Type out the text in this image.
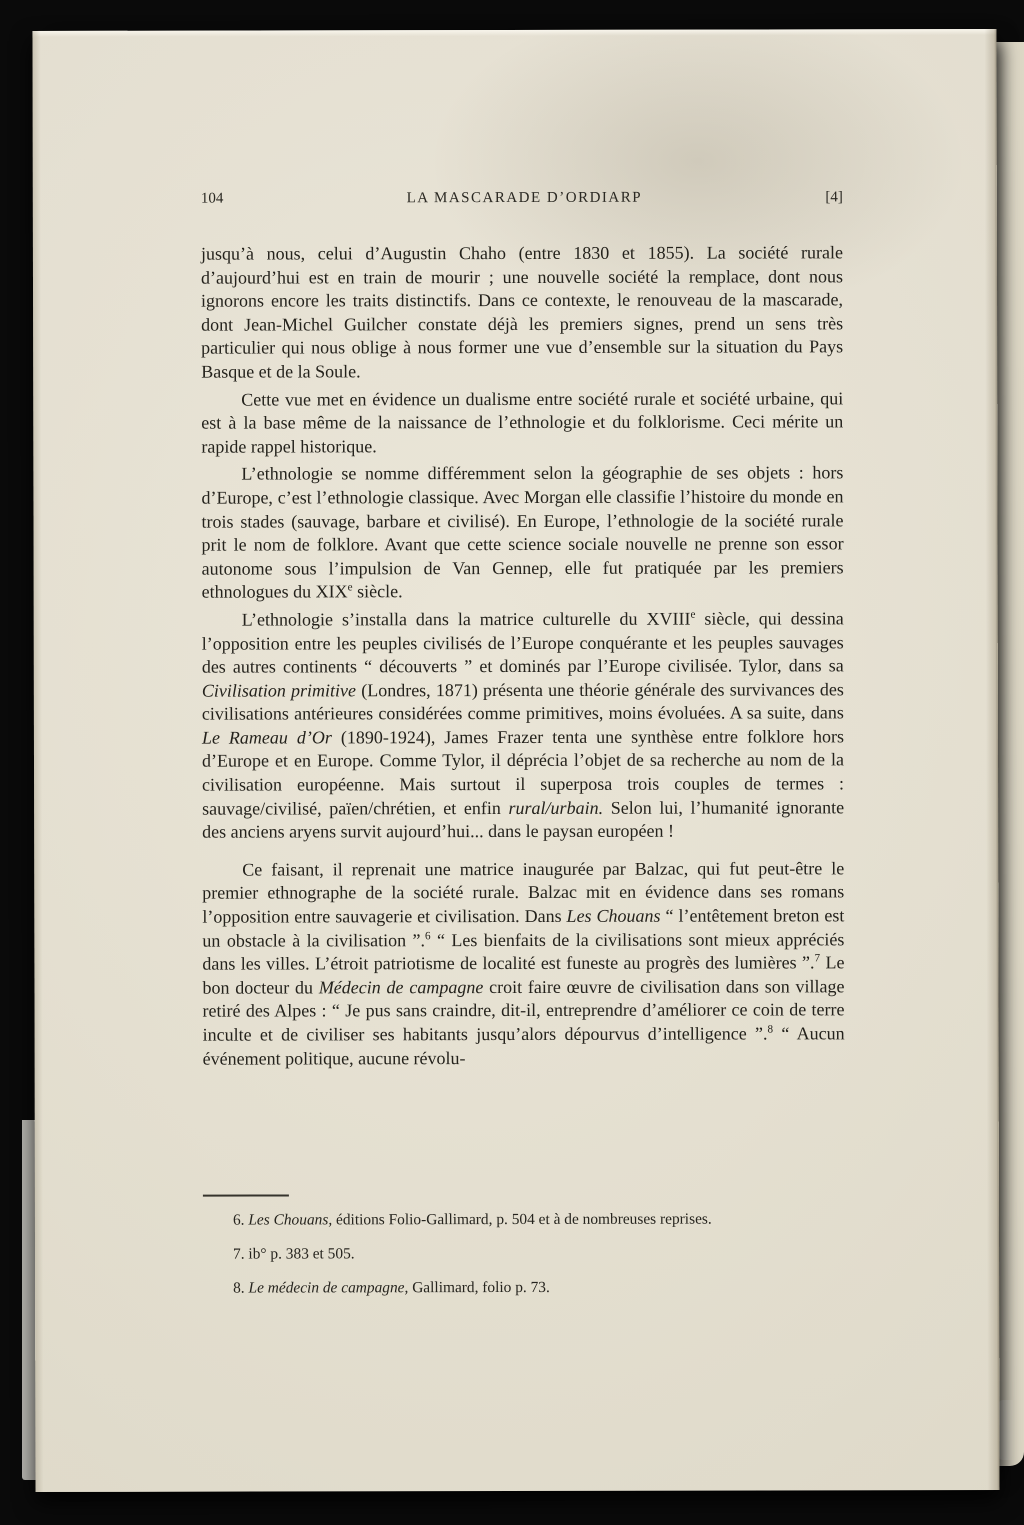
104	LA MASCARADE D’ORDIARP	[4]

jusqu’à nous, celui d’Augustin Chaho (entre 1830 et 1855). La société rurale d’aujourd’hui est en train de mourir ; une nouvelle société la remplace, dont nous ignorons encore les traits distinctifs. Dans ce contexte, le renouveau de la mascarade, dont Jean-Michel Guilcher constate déjà les premiers signes, prend un sens très particulier qui nous oblige à nous former une vue d’ensemble sur la situation du Pays Basque et de la Soule.

Cette vue met en évidence un dualisme entre société rurale et société urbaine, qui est à la base même de la naissance de l’ethnologie et du folklorisme. Ceci mérite un rapide rappel historique.

L’ethnologie se nomme différemment selon la géographie de ses objets : hors d’Europe, c’est l’ethnologie classique. Avec Morgan elle classifie l’histoire du monde en trois stades (sauvage, barbare et civilisé). En Europe, l’ethnologie de la société rurale prit le nom de folklore. Avant que cette science sociale nouvelle ne prenne son essor autonome sous l’impulsion de Van Gennep, elle fut pratiquée par les premiers ethnologues du XIXe siècle.

L’ethnologie s’installa dans la matrice culturelle du XVIIIe siècle, qui dessina l’opposition entre les peuples civilisés de l’Europe conquérante et les peuples sauvages des autres continents “ découverts ” et dominés par l’Europe civilisée. Tylor, dans sa Civilisation primitive (Londres, 1871) présenta une théorie générale des survivances des civilisations antérieures considérées comme primitives, moins évoluées. A sa suite, dans Le Rameau d’Or (1890-1924), James Frazer tenta une synthèse entre folklore hors d’Europe et en Europe. Comme Tylor, il déprécia l’objet de sa recherche au nom de la civilisation européenne. Mais surtout il superposa trois couples de termes : sauvage/civilisé, païen/chrétien, et enfin rural/urbain. Selon lui, l’humanité ignorante des anciens aryens survit aujourd’hui... dans le paysan européen !

Ce faisant, il reprenait une matrice inaugurée par Balzac, qui fut peut-être le premier ethnographe de la société rurale. Balzac mit en évidence dans ses romans l’opposition entre sauvagerie et civilisation. Dans Les Chouans “ l’entêtement breton est un obstacle à la civilisation ”.$^6$ “ Les bienfaits de la civilisations sont mieux appréciés dans les villes. L’étroit patriotisme de localité est funeste au progrès des lumières ”.$^7$ Le bon docteur du Médecin de campagne croit faire œuvre de civilisation dans son village retiré des Alpes : “ Je pus sans craindre, dit-il, entreprendre d’améliorer ce coin de terre inculte et de civiliser ses habitants jusqu’alors dépourvus d’intelligence ”.$^8$ “ Aucun événement politique, aucune révolu-

6. Les Chouans, éditions Folio-Gallimard, p. 504 et à de nombreuses reprises.

7. ib° p. 383 et 505.

8. Le médecin de campagne, Gallimard, folio p. 73.
